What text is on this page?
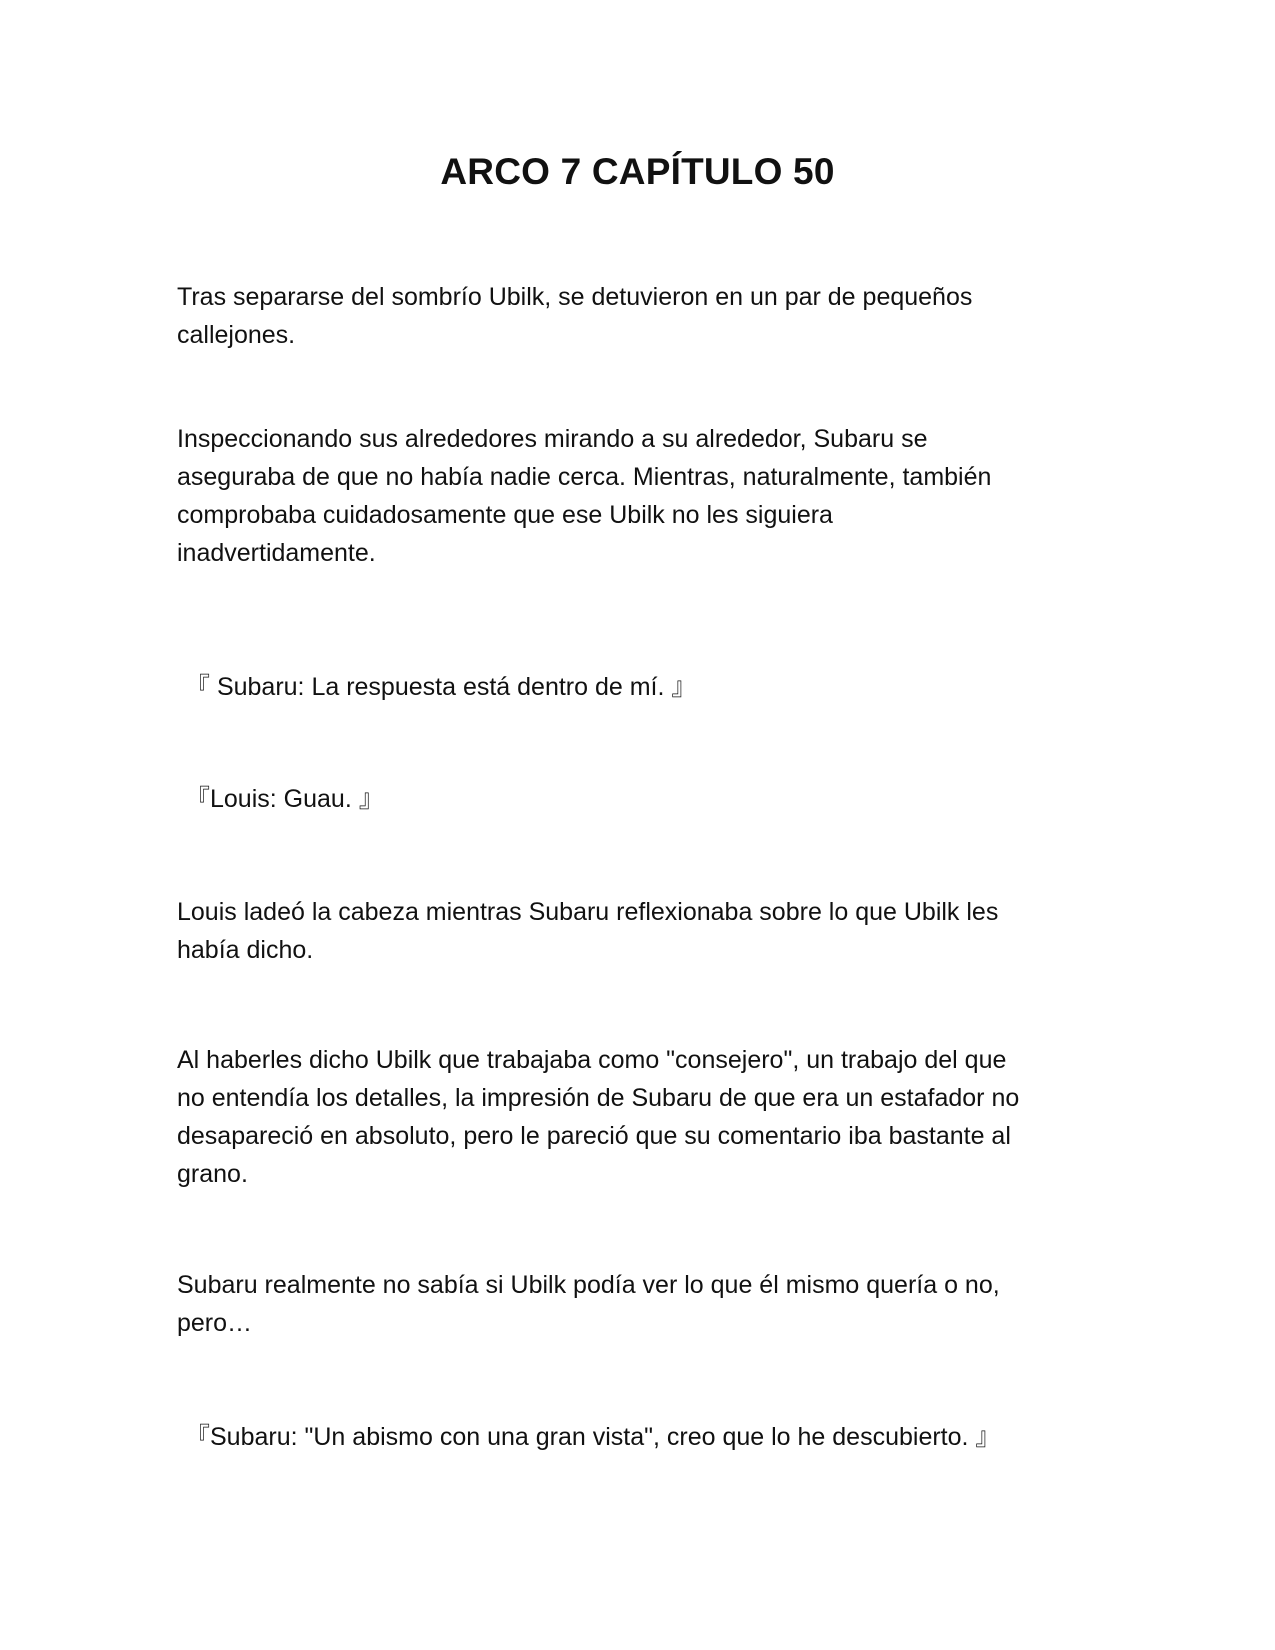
ARCO 7 CAPÍTULO 50

Tras separarse del sombrío Ubilk, se detuvieron en un par de pequeños
callejones.

Inspeccionando sus alrededores mirando a su alrededor, Subaru se
aseguraba de que no había nadie cerca. Mientras, naturalmente, también
comprobaba cuidadosamente que ese Ubilk no les siguiera
inadvertidamente.

『 Subaru: La respuesta está dentro de mí. 』

『Louis: Guau. 』

Louis ladeó la cabeza mientras Subaru reflexionaba sobre lo que Ubilk les
había dicho.

Al haberles dicho Ubilk que trabajaba como "consejero", un trabajo del que
no entendía los detalles, la impresión de Subaru de que era un estafador no
desapareció en absoluto, pero le pareció que su comentario iba bastante al
grano.

Subaru realmente no sabía si Ubilk podía ver lo que él mismo quería o no,
pero…

『Subaru: "Un abismo con una gran vista", creo que lo he descubierto. 』
